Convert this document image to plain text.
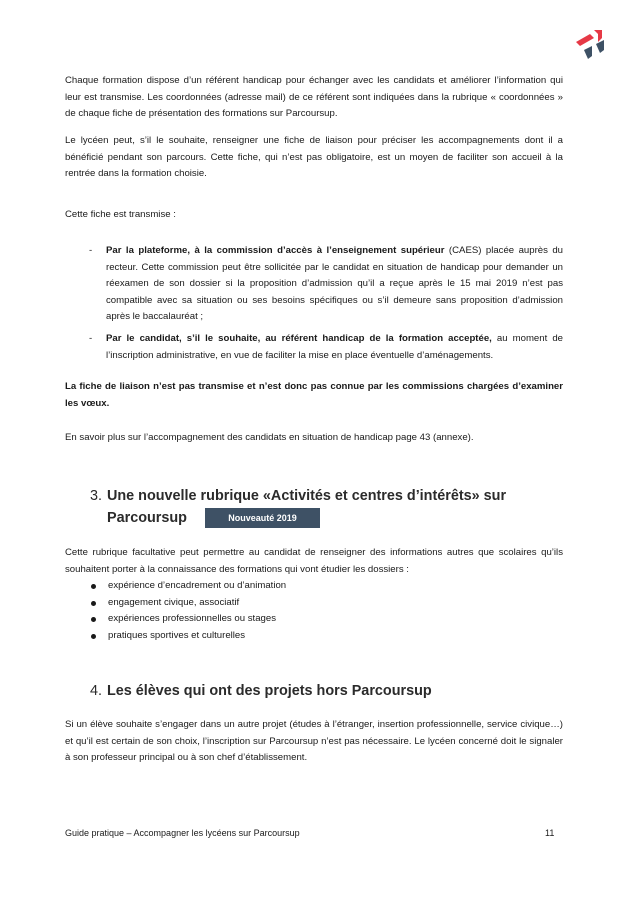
Chaque formation dispose d’un référent handicap pour échanger avec les candidats et améliorer l’information qui leur est transmise. Les coordonnées (adresse mail) de ce référent sont indiquées dans la rubrique « coordonnées » de chaque fiche de présentation des formations sur Parcoursup.

Le lycéen peut, s’il le souhaite, renseigner une fiche de liaison pour préciser les accompagnements dont il a bénéficié pendant son parcours. Cette fiche, qui n’est pas obligatoire, est un moyen de faciliter son accueil à la rentrée dans la formation choisie.

Cette fiche est transmise :

- Par la plateforme, à la commission d’accès à l’enseignement supérieur (CAES) placée auprès du recteur. Cette commission peut être sollicitée par le candidat en situation de handicap pour demander un réexamen de son dossier si la proposition d’admission qu’il a reçue après le 15 mai 2019 n’est pas compatible avec sa situation ou ses besoins spécifiques ou s’il demeure sans proposition d’admission après le baccalauréat ;

- Par le candidat, s’il le souhaite, au référent handicap de la formation acceptée, au moment de l’inscription administrative, en vue de faciliter la mise en place éventuelle d’aménagements.

La fiche de liaison n’est pas transmise et n’est donc pas connue par les commissions chargées d’examiner les vœux.

En savoir plus sur l’accompagnement des candidats en situation de handicap page 43 (annexe).

3. Une nouvelle rubrique «Activités et centres d’intérêts» sur
Parcoursup	Nouveauté 2019

Cette rubrique facultative peut permettre au candidat de renseigner des informations autres que scolaires qu’ils souhaitent porter à la connaissance des formations qui vont étudier les dossiers :

expérience d’encadrement ou d’animation
engagement civique, associatif
expériences professionnelles ou stages
pratiques sportives et culturelles
4. Les élèves qui ont des projets hors Parcoursup

Si un élève souhaite s’engager dans un autre projet (études à l’étranger, insertion professionnelle, service civique…) et qu’il est certain de son choix, l’inscription sur Parcoursup n’est pas nécessaire. Le lycéen concerné doit le signaler à son professeur principal ou à son chef d’établissement.

Guide pratique – Accompagner les lycéens sur Parcoursup	11
